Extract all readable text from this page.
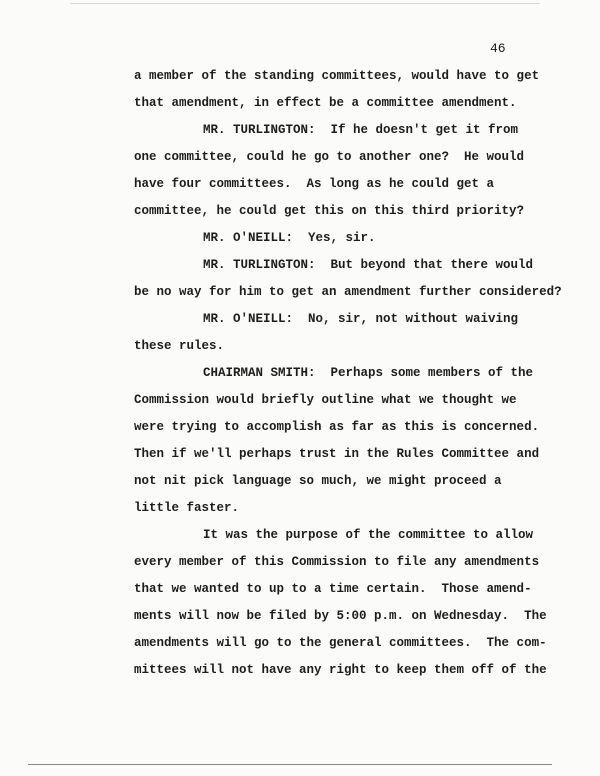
46
a member of the standing committees, would have to get
that amendment, in effect be a committee amendment.
MR. TURLINGTON:  If he doesn't get it from
one committee, could he go to another one?  He would
have four committees.  As long as he could get a
committee, he could get this on this third priority?
MR. O'NEILL:  Yes, sir.
MR. TURLINGTON:  But beyond that there would
be no way for him to get an amendment further considered?
MR. O'NEILL:  No, sir, not without waiving
these rules.
CHAIRMAN SMITH:  Perhaps some members of the
Commission would briefly outline what we thought we
were trying to accomplish as far as this is concerned.
Then if we'll perhaps trust in the Rules Committee and
not nit pick language so much, we might proceed a
little faster.
It was the purpose of the committee to allow
every member of this Commission to file any amendments
that we wanted to up to a time certain.  Those amend-
ments will now be filed by 5:00 p.m. on Wednesday.  The
amendments will go to the general committees.  The com-
mittees will not have any right to keep them off of the
